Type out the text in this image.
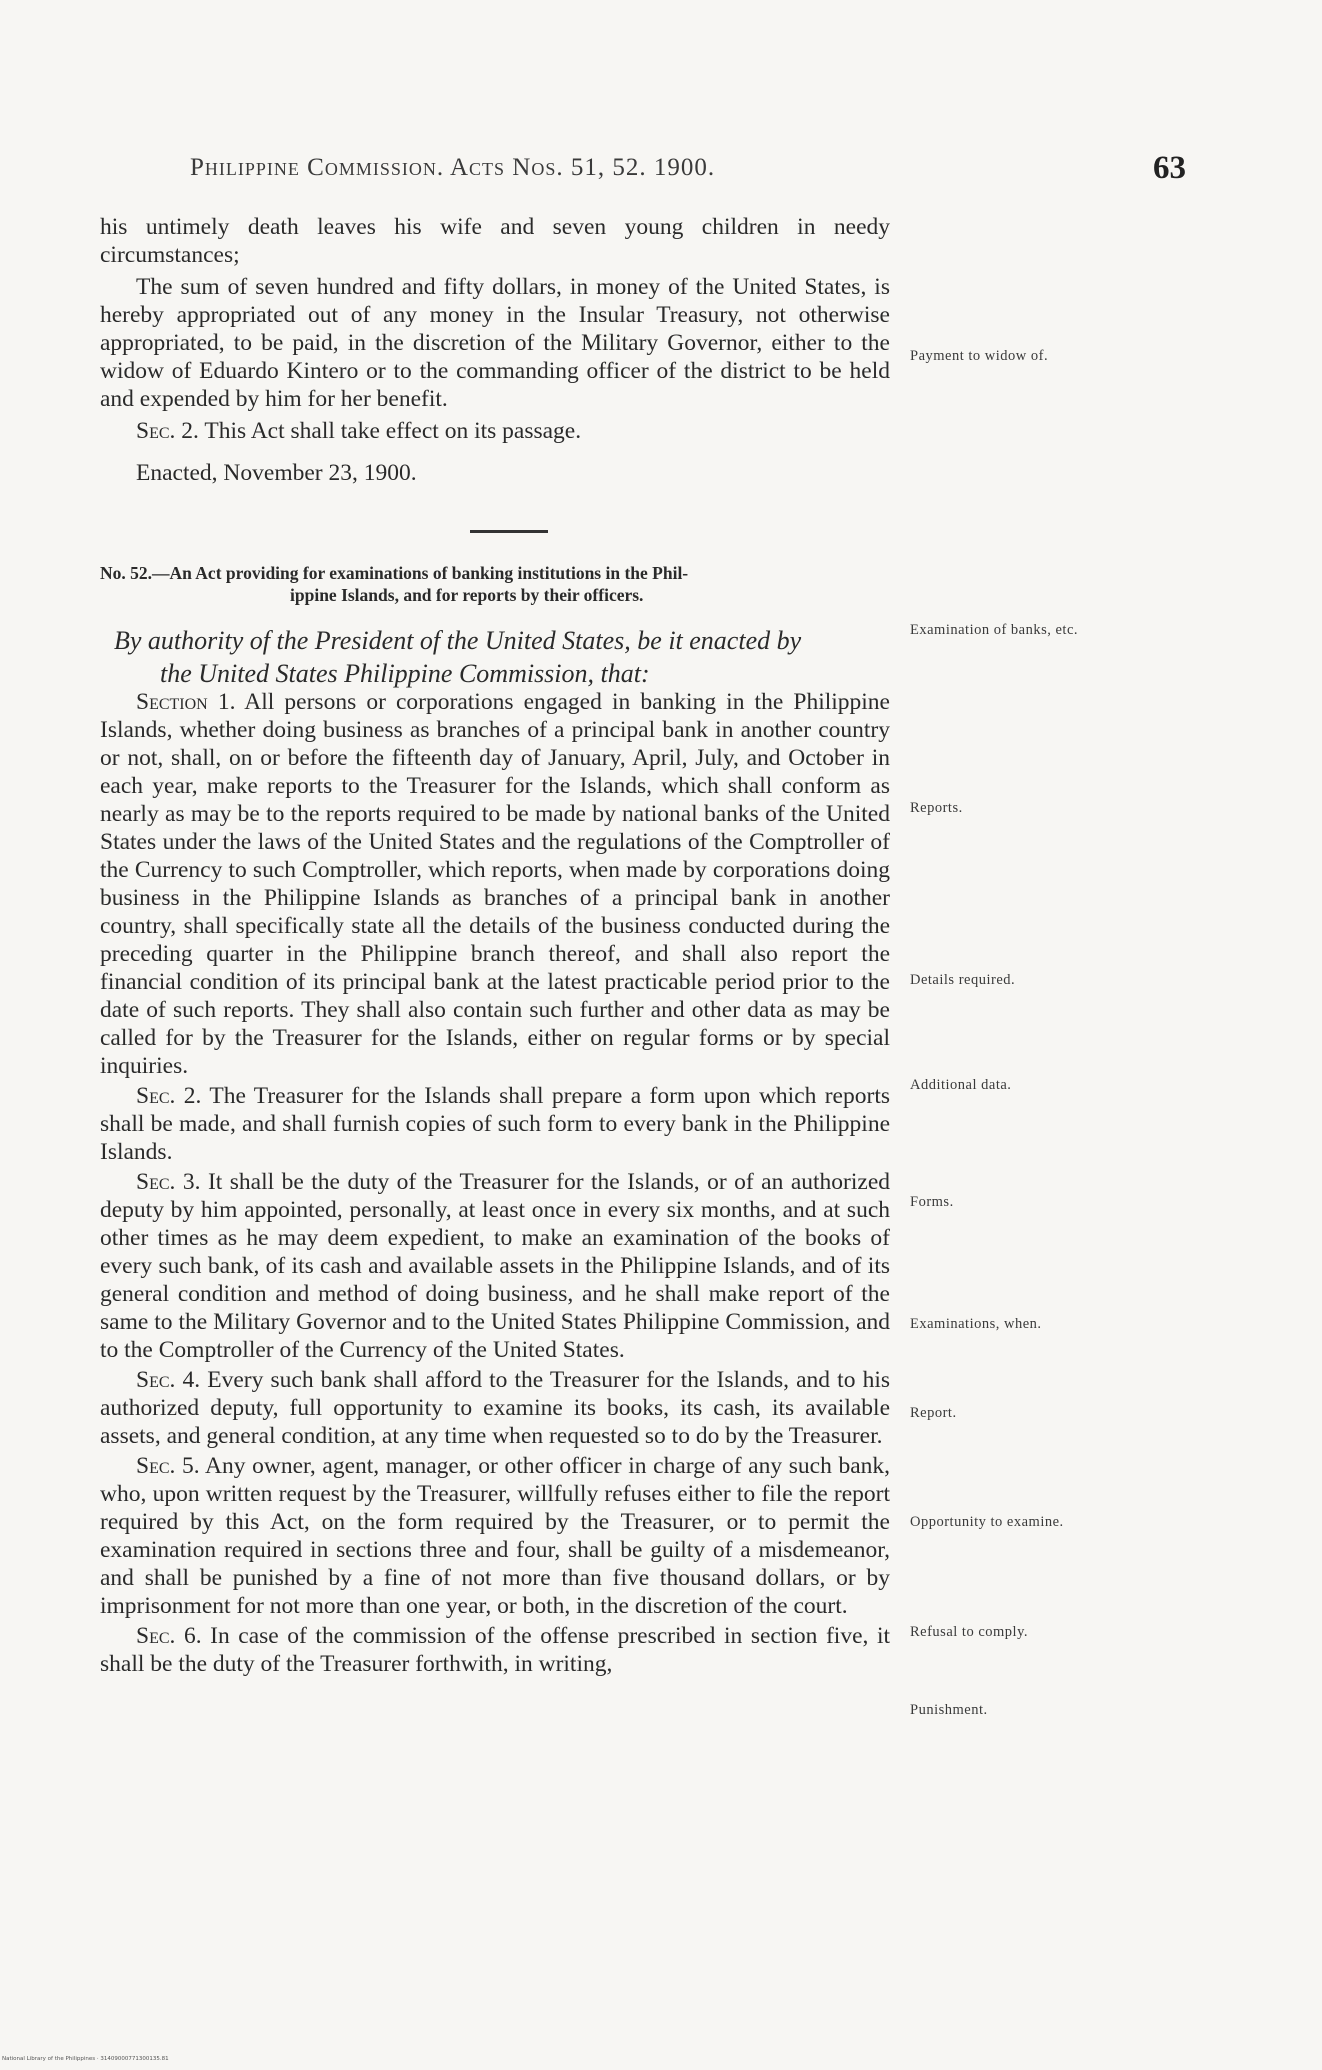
Philippine Commission. Acts Nos. 51, 52. 1900.	63

his untimely death leaves his wife and seven young children in needy circumstances;

The sum of seven hundred and fifty dollars, in money of the United States, is hereby appropriated out of any money in the Insular Treasury, not otherwise appropriated, to be paid, in the discretion of the Military Governor, either to the widow of Eduardo Kintero or to the commanding officer of the district to be held and expended by him for her benefit.

Sec. 2. This Act shall take effect on its passage.

Enacted, November 23, 1900.

No. 52.—An Act providing for examinations of banking institutions in the Phil-
ippine Islands, and for reports by their officers.
By authority of the President of the United States, be it enacted by
the United States Philippine Commission, that:

Section 1. All persons or corporations engaged in banking in the Philippine Islands, whether doing business as branches of a principal bank in another country or not, shall, on or before the fifteenth day of January, April, July, and October in each year, make reports to the Treasurer for the Islands, which shall conform as nearly as may be to the reports required to be made by national banks of the United States under the laws of the United States and the regulations of the Comptroller of the Currency to such Comptroller, which reports, when made by corporations doing business in the Philippine Islands as branches of a principal bank in another country, shall specifically state all the details of the business conducted during the preceding quarter in the Philippine branch thereof, and shall also report the financial condition of its principal bank at the latest practicable period prior to the date of such reports. They shall also contain such further and other data as may be called for by the Treasurer for the Islands, either on regular forms or by special inquiries.

Sec. 2. The Treasurer for the Islands shall prepare a form upon which reports shall be made, and shall furnish copies of such form to every bank in the Philippine Islands.

Sec. 3. It shall be the duty of the Treasurer for the Islands, or of an authorized deputy by him appointed, personally, at least once in every six months, and at such other times as he may deem expedient, to make an examination of the books of every such bank, of its cash and available assets in the Philippine Islands, and of its general condition and method of doing business, and he shall make report of the same to the Military Governor and to the United States Philippine Commission, and to the Comptroller of the Currency of the United States.

Sec. 4. Every such bank shall afford to the Treasurer for the Islands, and to his authorized deputy, full opportunity to examine its books, its cash, its available assets, and general condition, at any time when requested so to do by the Treasurer.

Sec. 5. Any owner, agent, manager, or other officer in charge of any such bank, who, upon written request by the Treasurer, willfully refuses either to file the report required by this Act, on the form required by the Treasurer, or to permit the examination required in sections three and four, shall be guilty of a misdemeanor, and shall be punished by a fine of not more than five thousand dollars, or by imprisonment for not more than one year, or both, in the discretion of the court.

Sec. 6. In case of the commission of the offense prescribed in section five, it shall be the duty of the Treasurer forthwith, in writing,

Payment to widow of.
Examination of banks, etc.
Reports.
Details required.
Additional data.
Forms.
Examinations, when.
Report.
Opportunity to examine.
Refusal to comply.
Punishment.
National Library of the Philippines · 31409000771300135.81
